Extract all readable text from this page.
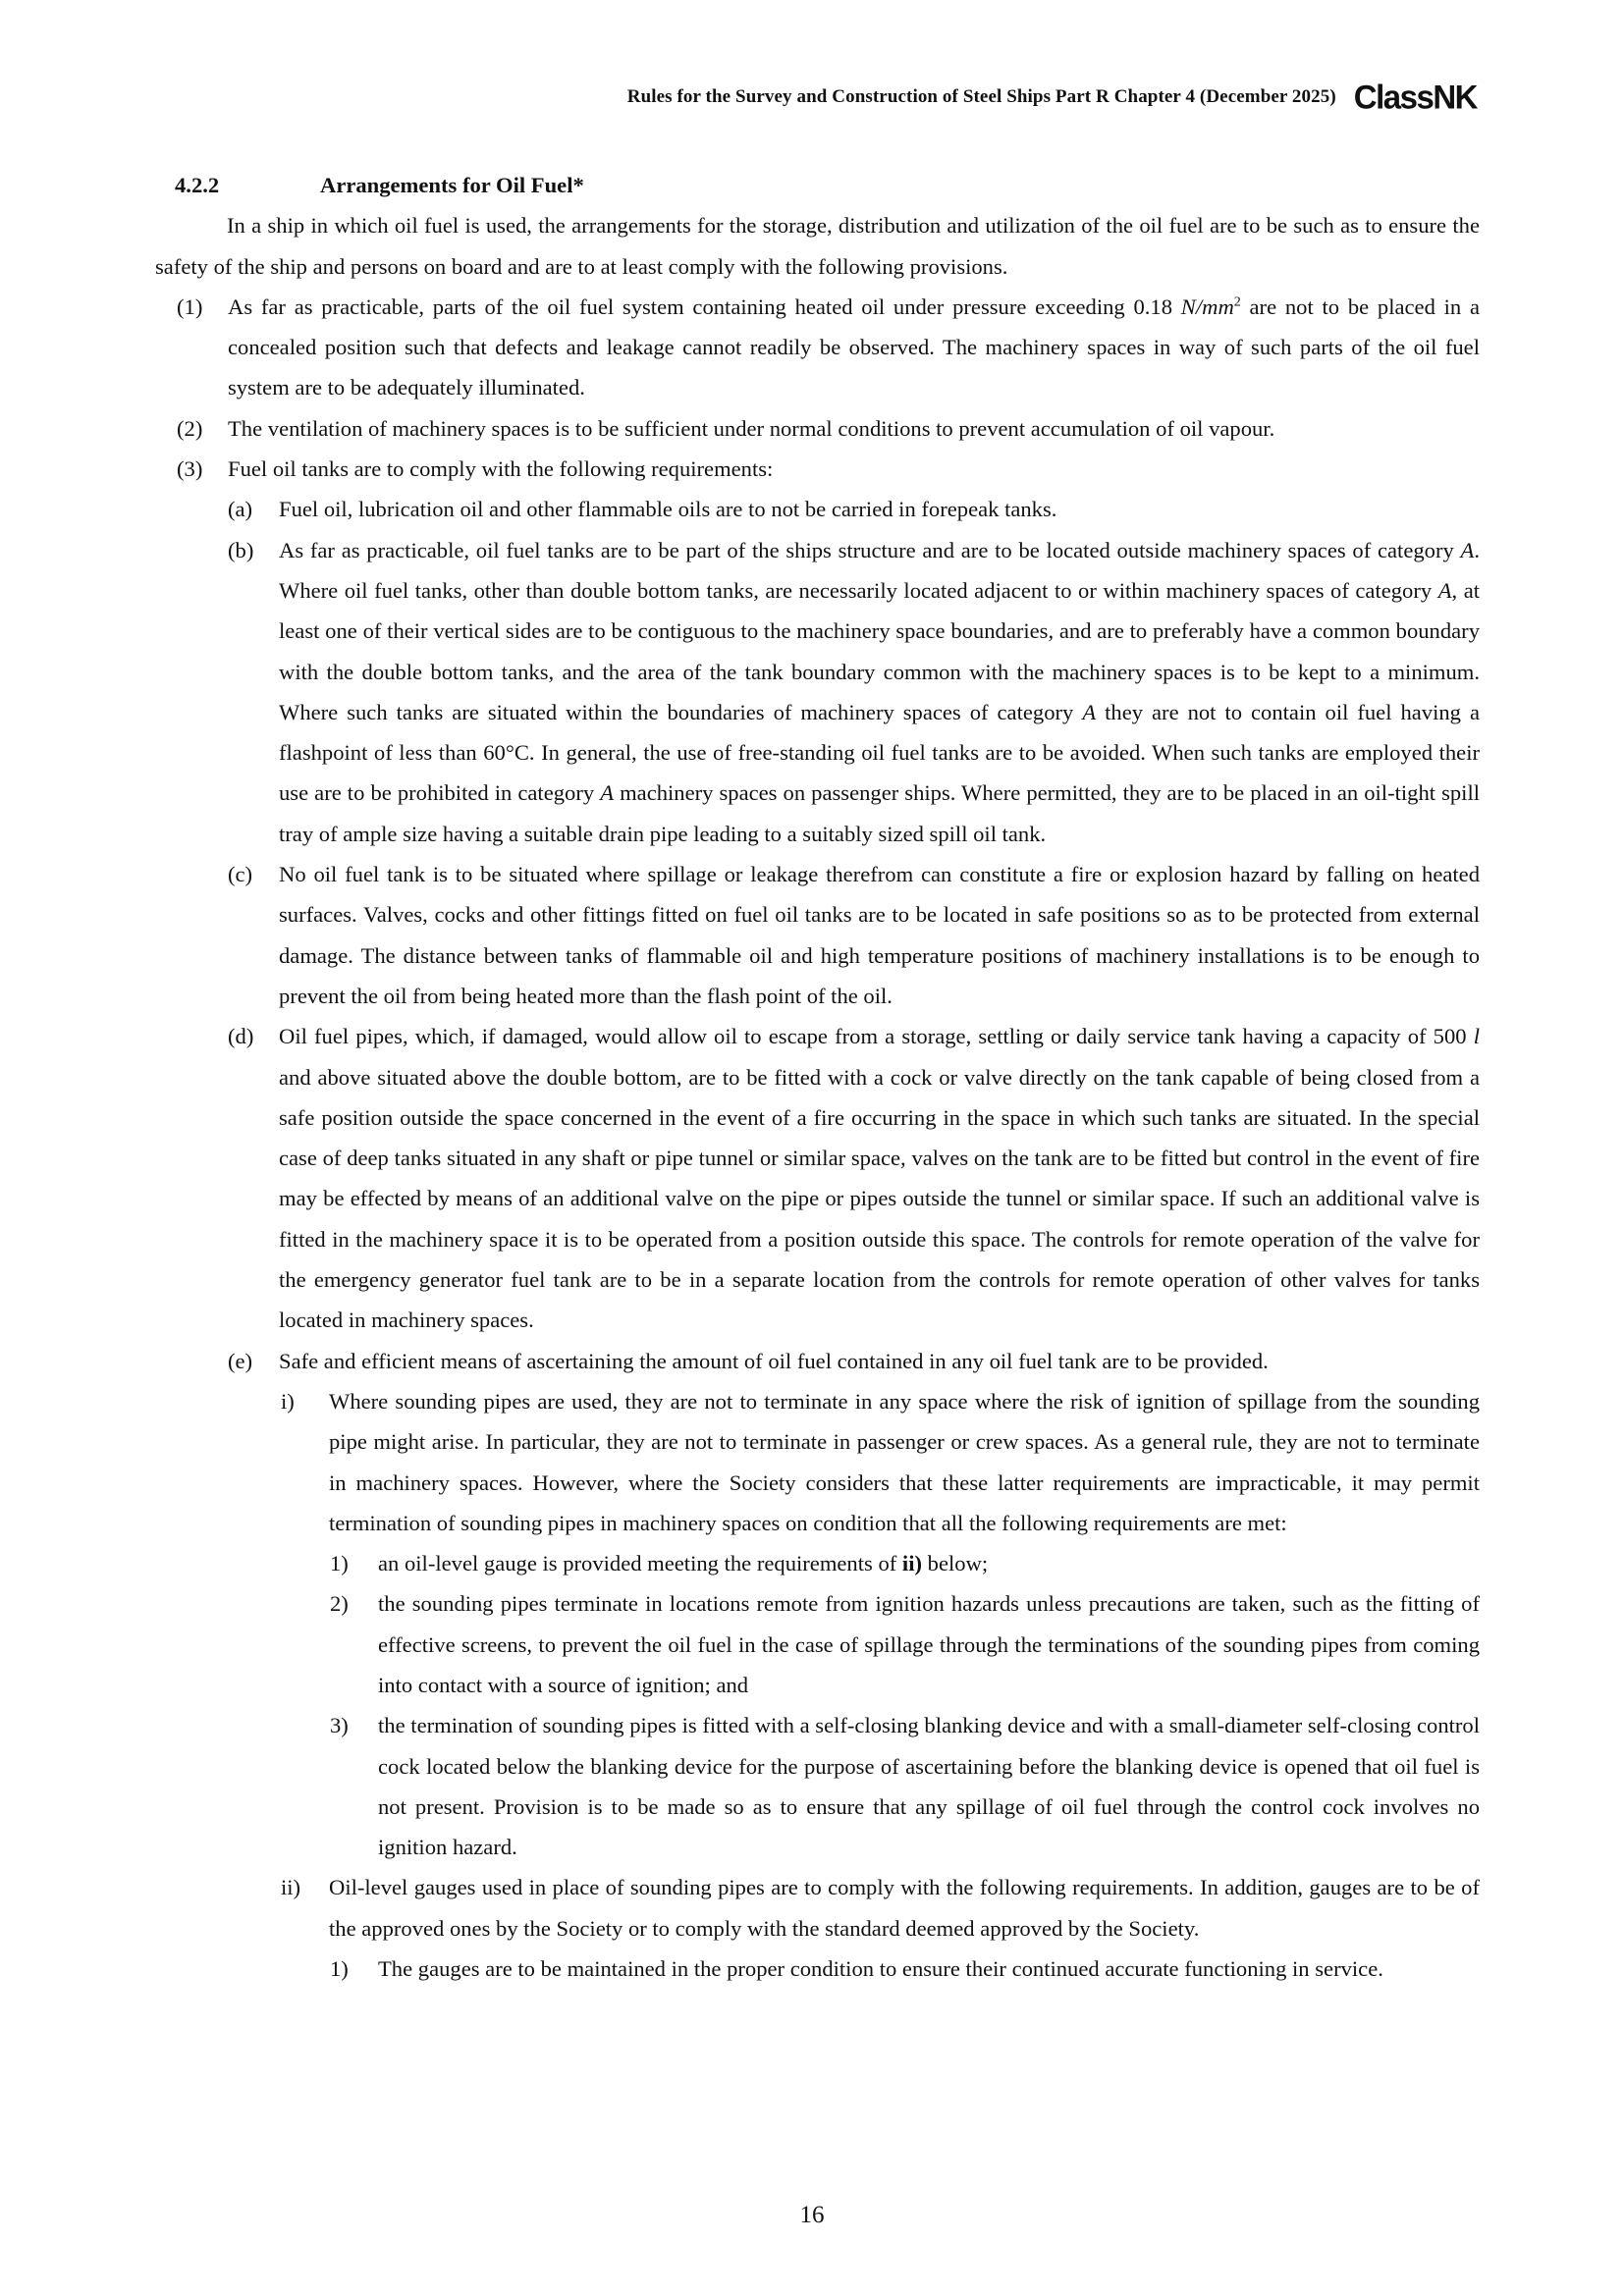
Rules for the Survey and Construction of Steel Ships Part R Chapter 4 (December 2025) ClassNK
4.2.2	Arrangements for Oil Fuel*

In a ship in which oil fuel is used, the arrangements for the storage, distribution and utilization of the oil fuel are to be such as to ensure the safety of the ship and persons on board and are to at least comply with the following provisions.

(1) As far as practicable, parts of the oil fuel system containing heated oil under pressure exceeding 0.18 $N/mm^2$ are not to be placed in a concealed position such that defects and leakage cannot readily be observed. The machinery spaces in way of such parts of the oil fuel system are to be adequately illuminated.
(2) The ventilation of machinery spaces is to be sufficient under normal conditions to prevent accumulation of oil vapour.
(3) Fuel oil tanks are to comply with the following requirements:
(a) Fuel oil, lubrication oil and other flammable oils are to not be carried in forepeak tanks.
(b) As far as practicable, oil fuel tanks are to be part of the ships structure and are to be located outside machinery spaces of category A. Where oil fuel tanks, other than double bottom tanks, are necessarily located adjacent to or within machinery spaces of category A, at least one of their vertical sides are to be contiguous to the machinery space boundaries, and are to preferably have a common boundary with the double bottom tanks, and the area of the tank boundary common with the machinery spaces is to be kept to a minimum. Where such tanks are situated within the boundaries of machinery spaces of category A they are not to contain oil fuel having a flashpoint of less than 60°C. In general, the use of free-standing oil fuel tanks are to be avoided. When such tanks are employed their use are to be prohibited in category A machinery spaces on passenger ships. Where permitted, they are to be placed in an oil-tight spill tray of ample size having a suitable drain pipe leading to a suitably sized spill oil tank.
(c) No oil fuel tank is to be situated where spillage or leakage therefrom can constitute a fire or explosion hazard by falling on heated surfaces. Valves, cocks and other fittings fitted on fuel oil tanks are to be located in safe positions so as to be protected from external damage. The distance between tanks of flammable oil and high temperature positions of machinery installations is to be enough to prevent the oil from being heated more than the flash point of the oil.
(d) Oil fuel pipes, which, if damaged, would allow oil to escape from a storage, settling or daily service tank having a capacity of 500 l and above situated above the double bottom, are to be fitted with a cock or valve directly on the tank capable of being closed from a safe position outside the space concerned in the event of a fire occurring in the space in which such tanks are situated. In the special case of deep tanks situated in any shaft or pipe tunnel or similar space, valves on the tank are to be fitted but control in the event of fire may be effected by means of an additional valve on the pipe or pipes outside the tunnel or similar space. If such an additional valve is fitted in the machinery space it is to be operated from a position outside this space. The controls for remote operation of the valve for the emergency generator fuel tank are to be in a separate location from the controls for remote operation of other valves for tanks located in machinery spaces.
(e) Safe and efficient means of ascertaining the amount of oil fuel contained in any oil fuel tank are to be provided.
i) Where sounding pipes are used, they are not to terminate in any space where the risk of ignition of spillage from the sounding pipe might arise. In particular, they are not to terminate in passenger or crew spaces. As a general rule, they are not to terminate in machinery spaces. However, where the Society considers that these latter requirements are impracticable, it may permit termination of sounding pipes in machinery spaces on condition that all the following requirements are met:
1) an oil-level gauge is provided meeting the requirements of ii) below;
2) the sounding pipes terminate in locations remote from ignition hazards unless precautions are taken, such as the fitting of effective screens, to prevent the oil fuel in the case of spillage through the terminations of the sounding pipes from coming into contact with a source of ignition; and
3) the termination of sounding pipes is fitted with a self-closing blanking device and with a small-diameter self-closing control cock located below the blanking device for the purpose of ascertaining before the blanking device is opened that oil fuel is not present. Provision is to be made so as to ensure that any spillage of oil fuel through the control cock involves no ignition hazard.
ii) Oil-level gauges used in place of sounding pipes are to comply with the following requirements. In addition, gauges are to be of the approved ones by the Society or to comply with the standard deemed approved by the Society.
1) The gauges are to be maintained in the proper condition to ensure their continued accurate functioning in service.
16
